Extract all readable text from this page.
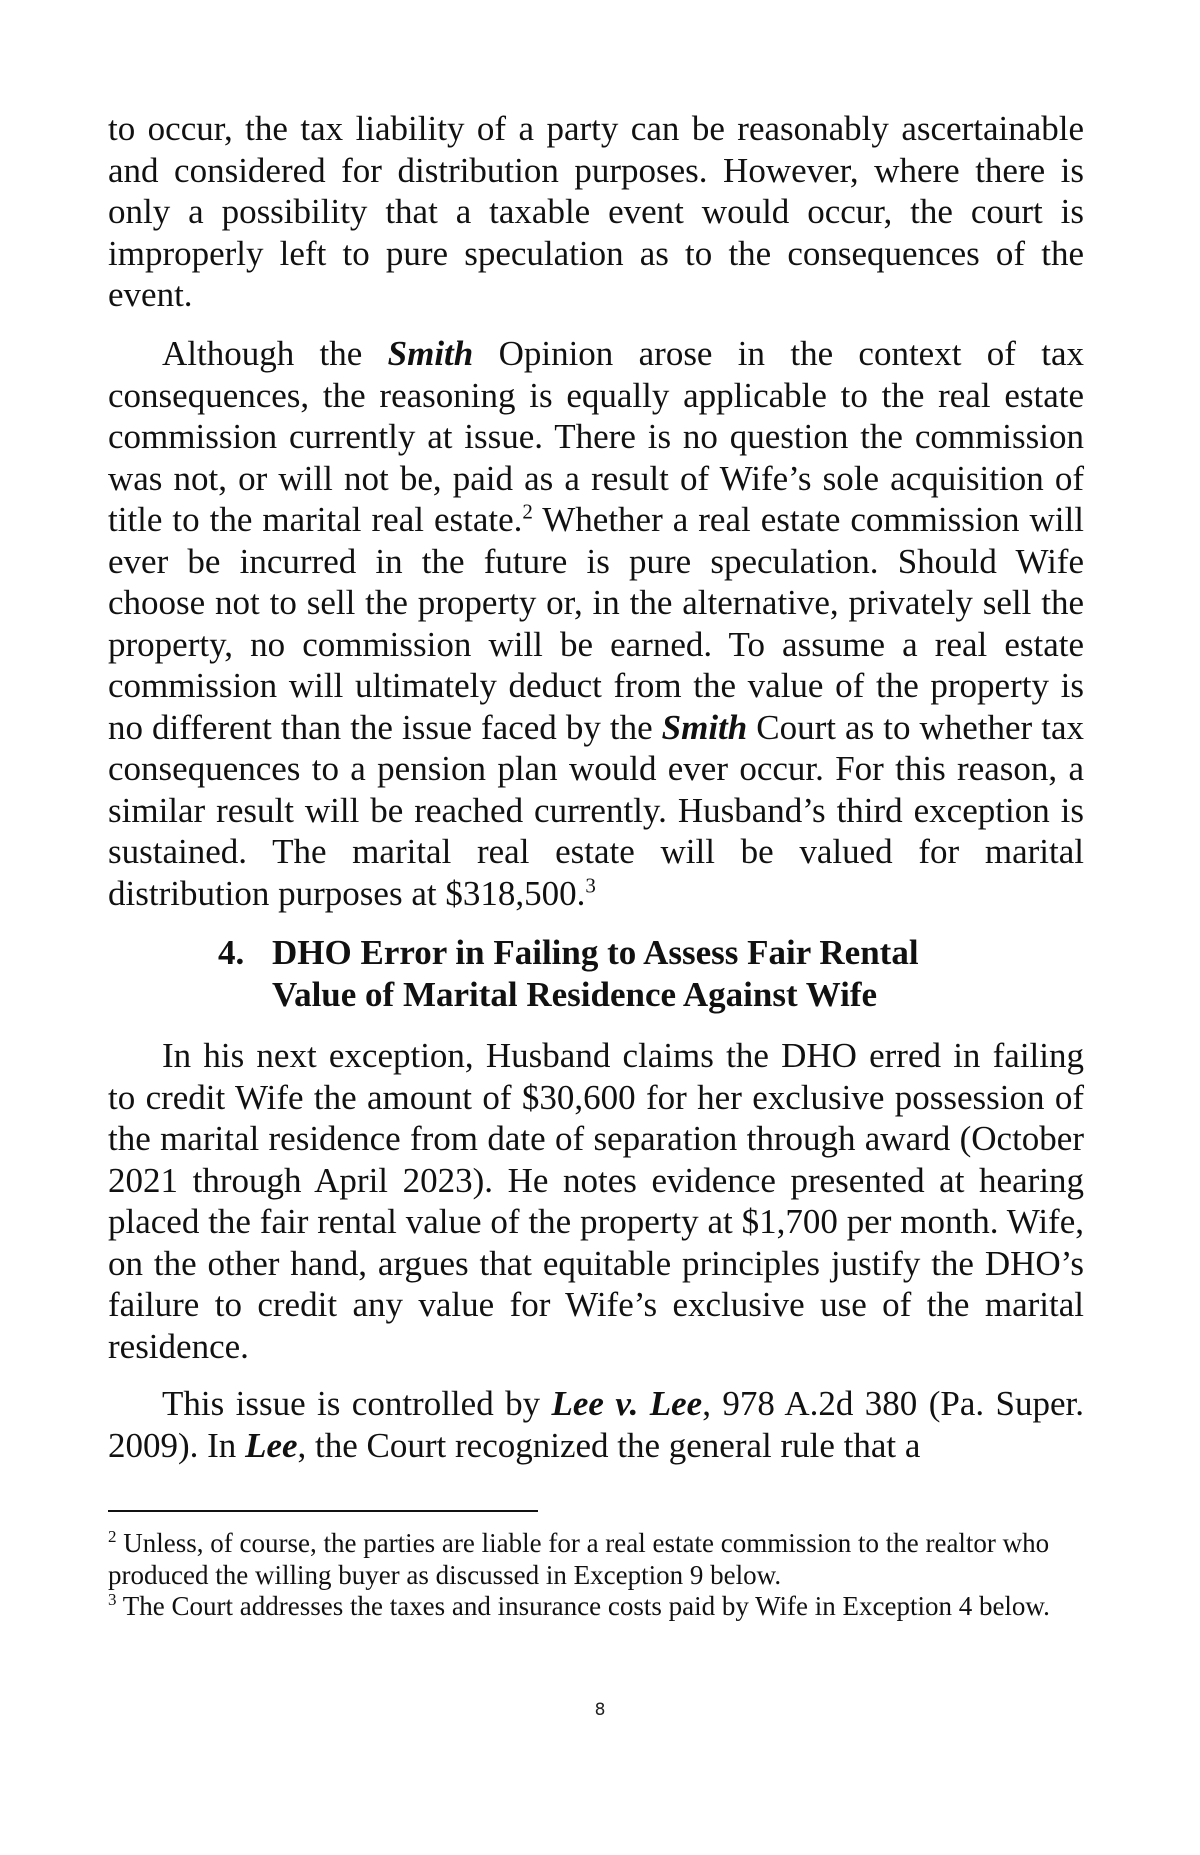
to occur, the tax liability of a party can be reasonably ascertainable and considered for distribution purposes. However, where there is only a possibility that a taxable event would occur, the court is improperly left to pure speculation as to the consequences of the event.

Although the Smith Opinion arose in the context of tax consequences, the reasoning is equally applicable to the real estate commission currently at issue. There is no question the commission was not, or will not be, paid as a result of Wife’s sole acquisition of title to the marital real estate.$^2$ Whether a real estate commission will ever be incurred in the future is pure speculation. Should Wife choose not to sell the property or, in the alternative, privately sell the property, no commission will be earned. To assume a real estate commission will ultimately deduct from the value of the property is no different than the issue faced by the Smith Court as to whether tax consequences to a pension plan would ever occur. For this reason, a similar result will be reached currently. Husband’s third exception is sustained. The marital real estate will be valued for marital distribution purposes at $318,500.$^3$

4. DHO Error in Failing to Assess Fair Rental
Value of Marital Residence Against Wife

In his next exception, Husband claims the DHO erred in failing to credit Wife the amount of $30,600 for her exclusive possession of the marital residence from date of separation through award (October 2021 through April 2023). He notes evidence presented at hearing placed the fair rental value of the property at $1,700 per month. Wife, on the other hand, argues that equitable principles justify the DHO’s failure to credit any value for Wife’s exclusive use of the marital residence.

This issue is controlled by Lee v. Lee, 978 A.2d 380 (Pa. Super. 2009). In Lee, the Court recognized the general rule that a

$^2$ Unless, of course, the parties are liable for a real estate commission to the realtor who produced the willing buyer as discussed in Exception 9 below.

$^3$ The Court addresses the taxes and insurance costs paid by Wife in Exception 4 below.

8
